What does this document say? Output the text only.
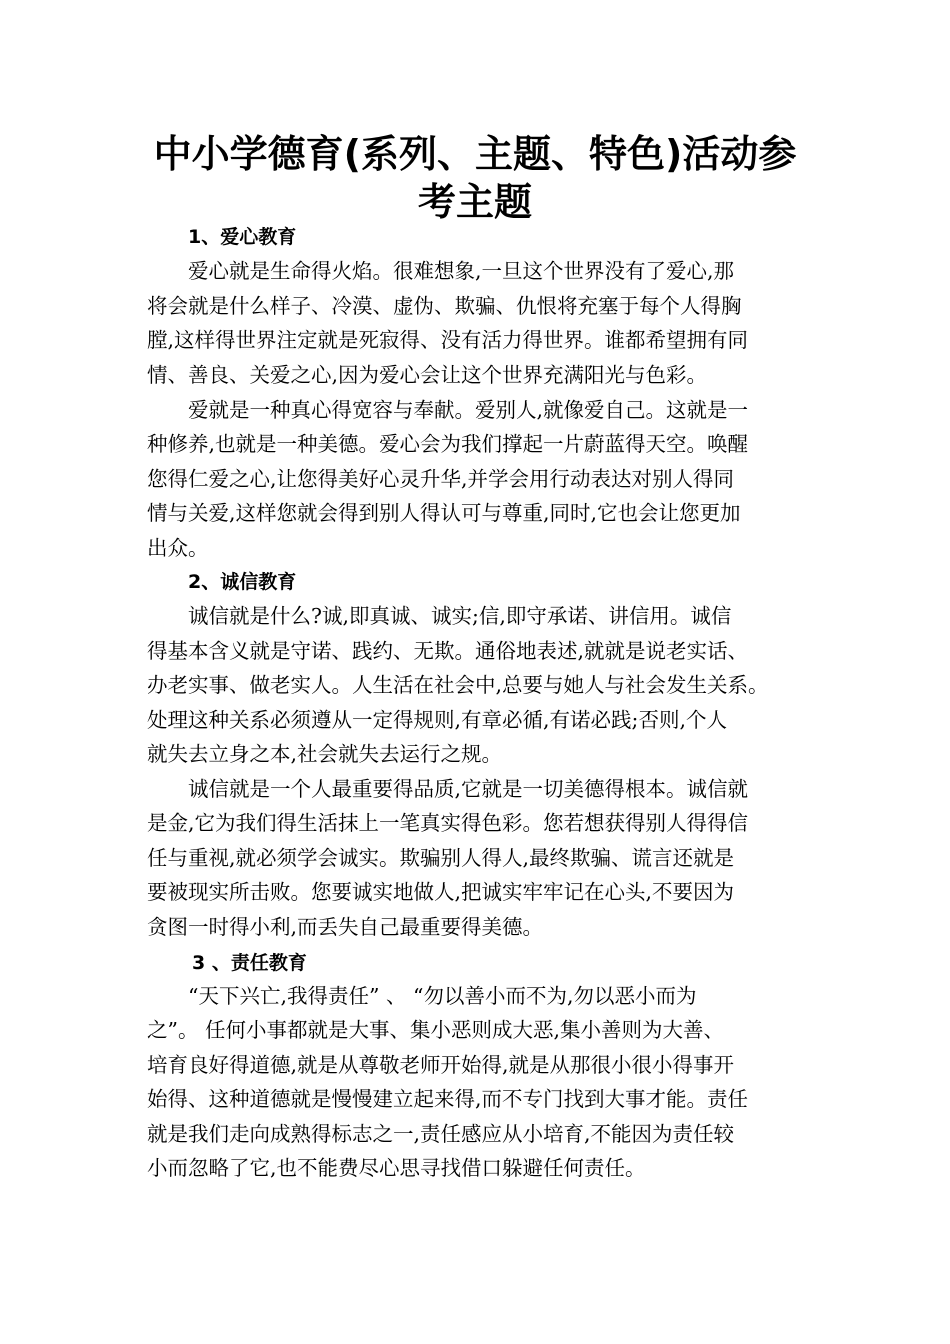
中小学德育(系列、主题、特色)活动参
考主题
1、爱心教育

爱心就是生命得火焰。很难想象,一旦这个世界没有了爱心,那

将会就是什么样子、冷漠、虚伪、欺骗、仇恨将充塞于每个人得胸

膛,这样得世界注定就是死寂得、没有活力得世界。谁都希望拥有同

情、善良、关爱之心,因为爱心会让这个世界充满阳光与色彩。

爱就是一种真心得宽容与奉献。爱别人,就像爱自己。这就是一

种修养,也就是一种美德。爱心会为我们撑起一片蔚蓝得天空。唤醒

您得仁爱之心,让您得美好心灵升华,并学会用行动表达对别人得同

情与关爱,这样您就会得到别人得认可与尊重,同时,它也会让您更加

出众。

2、诚信教育

诚信就是什么?诚,即真诚、诚实;信,即守承诺、讲信用。诚信

得基本含义就是守诺、践约、无欺。通俗地表述,就就是说老实话、

办老实事、做老实人。人生活在社会中,总要与她人与社会发生关系。

处理这种关系必须遵从一定得规则,有章必循,有诺必践;否则,个人

就失去立身之本,社会就失去运行之规。

诚信就是一个人最重要得品质,它就是一切美德得根本。诚信就

是金,它为我们得生活抹上一笔真实得色彩。您若想获得别人得得信

任与重视,就必须学会诚实。欺骗别人得人,最终欺骗、谎言还就是

要被现实所击败。您要诚实地做人,把诚实牢牢记在心头,不要因为

贪图一时得小利,而丢失自己最重要得美德。

3 、责任教育

“天下兴亡,我得责任” 、 “勿以善小而不为,勿以恶小而为

之”。 任何小事都就是大事、集小恶则成大恶,集小善则为大善、

培育良好得道德,就是从尊敬老师开始得,就是从那很小很小得事开

始得、这种道德就是慢慢建立起来得,而不专门找到大事才能。责任

就是我们走向成熟得标志之一,责任感应从小培育,不能因为责任较

小而忽略了它,也不能费尽心思寻找借口躲避任何责任。
